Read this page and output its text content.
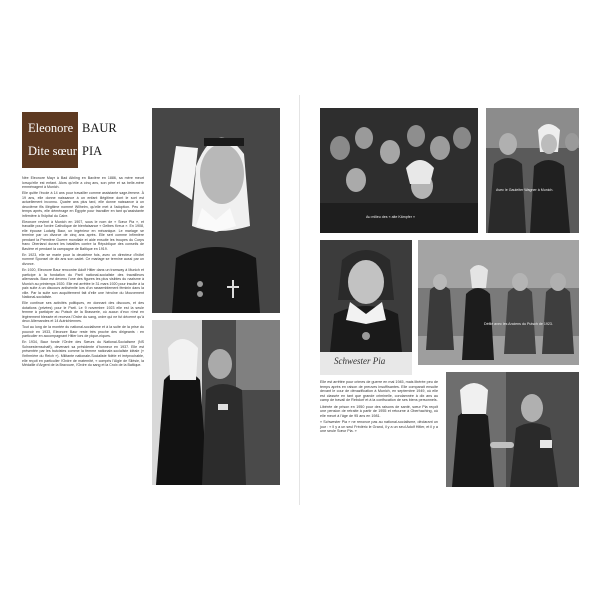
Eleonore BAUR
Dite sœur PIA

Née Eleonore Mayr à Bad Aibling en Bavière en 1886, sa mère meurt lorsqu'elle est enfant. Alors qu'elle a cinq ans, son père et sa belle-mère emménagent à Munich.

Elle quitte l'école à 14 ans pour travailler comme assistante sage-femme. À 19 ans, elle donne naissance à un enfant illégitime dont le sort est actuellement inconnu. Quatre ans plus tard, elle donne naissance à un deuxième fils illégitime nommé Wilhelm, qu'elle met à l'adoption. Peu de temps après, elle déménage en Égypte pour travailler en tant qu'assistante infirmière à l'hôpital du Caire.

Eleonore revient à Munich en 1907, sous le nom de « Sœur Pia », et travaille pour l'ordre Catholique de bienfaisance « Gelbes Kreuz ». En 1908, elle épouse Ludwig Baur, un ingénieur en mécanique. Le mariage se termine par un divorce de cinq ans après. Elle sert comme infirmière pendant la Première Guerre mondiale et aide ensuite les troupes du Corps franc Oberland durant les batailles contre la République des conseils de Bavière et pendant la campagne de Baltique en 1919.

En 1923, elle se marie pour la deuxième fois, avec un directeur d'hôtel nommé Sponsel de dix ans son cadet. Ce mariage se termine aussi par un divorce.

En 1920, Eleonore Baur rencontre Adolf Hitler dans un tramway à Munich et participe à la fondation du Parti national-socialiste des travailleurs allemands. Baur est devenu l'une des figures les plus visibles du nazisme à Munich au printemps 1920. Elle est arrêtée le 31 mars 1920 pour insulte à la paix suite à un discours antisémite lors d'un rassemblement féminin dans la ville. Par la suite son acquittement fait d'elle une héroïne du Mouvement National-socialiste.

Elle continue ses activités politiques, en donnant des discours, et des dotations (privées) pour le Parti. Le 9 novembre 1923 elle est la seule femme à participer au Putsch de la Brasserie, où aucun d'eux n'est en légèrement blessée et recevra l'Ordre du sang, ordre qui ne fut décerné qu'à deux Allemandes et 14 Autrichiennes.

Tout au long de la montée du national-socialisme et à la suite de la prise du pouvoir en 1933, Eleonore Baur reste très proche des dirigeants : en particulier en accompagnant Hitler lors de pique-niques.

En 1934, Baur fonde l'Ordre des Sœurs du National-Socialisme (NS Schwesternschaft), devenant sa présidente d'honneur en 1937. Elle est présentée par les butcistes comme la femme nationale-socialiste idéale (« l'infirmière du Reich »). Militante nationale-Socialiste fidèle et irréprochable, elle reçoit en particulier l'Ordre de maternité, « compris l'Aigle de Silésie, la Médaille d'Argent de la Bravoure, l'Ordre du sang et la Croix de la Baltique.

Au milieu des « alte Kämpfer »
Avec le Gauleiter Wagner à Munich.
Schwester Pia
Défilé avec les Anciens du Putsch de 1923.

Elle est arrêtée pour crimes de guerre en mai 1945, mais libérée peu de temps après en raison de preuves insuffisantes. Elle comparait ensuite devant le cour de dénazification à Munich, en septembre 1949, où elle est classée en tant que grande criminelle, condamnée à dix ans au camp de travail de Rebdorf et à la confiscation de ses biens personnels.

Libérée de prison en 1950 pour des raisons de santé, sœur Pia reçoit une pension de retraite à partir de 1955 et retourne à Oberhaching, où elle meurt à l'âge de 95 ans en 1981.

« Schwester Pia » ne renonce pas au national-socialisme, déclarant un jour : « Il y a un seul Frédéric le Grand, il y a un seul Adolf Hitler, et il y a une seule Sœur Pia. »
